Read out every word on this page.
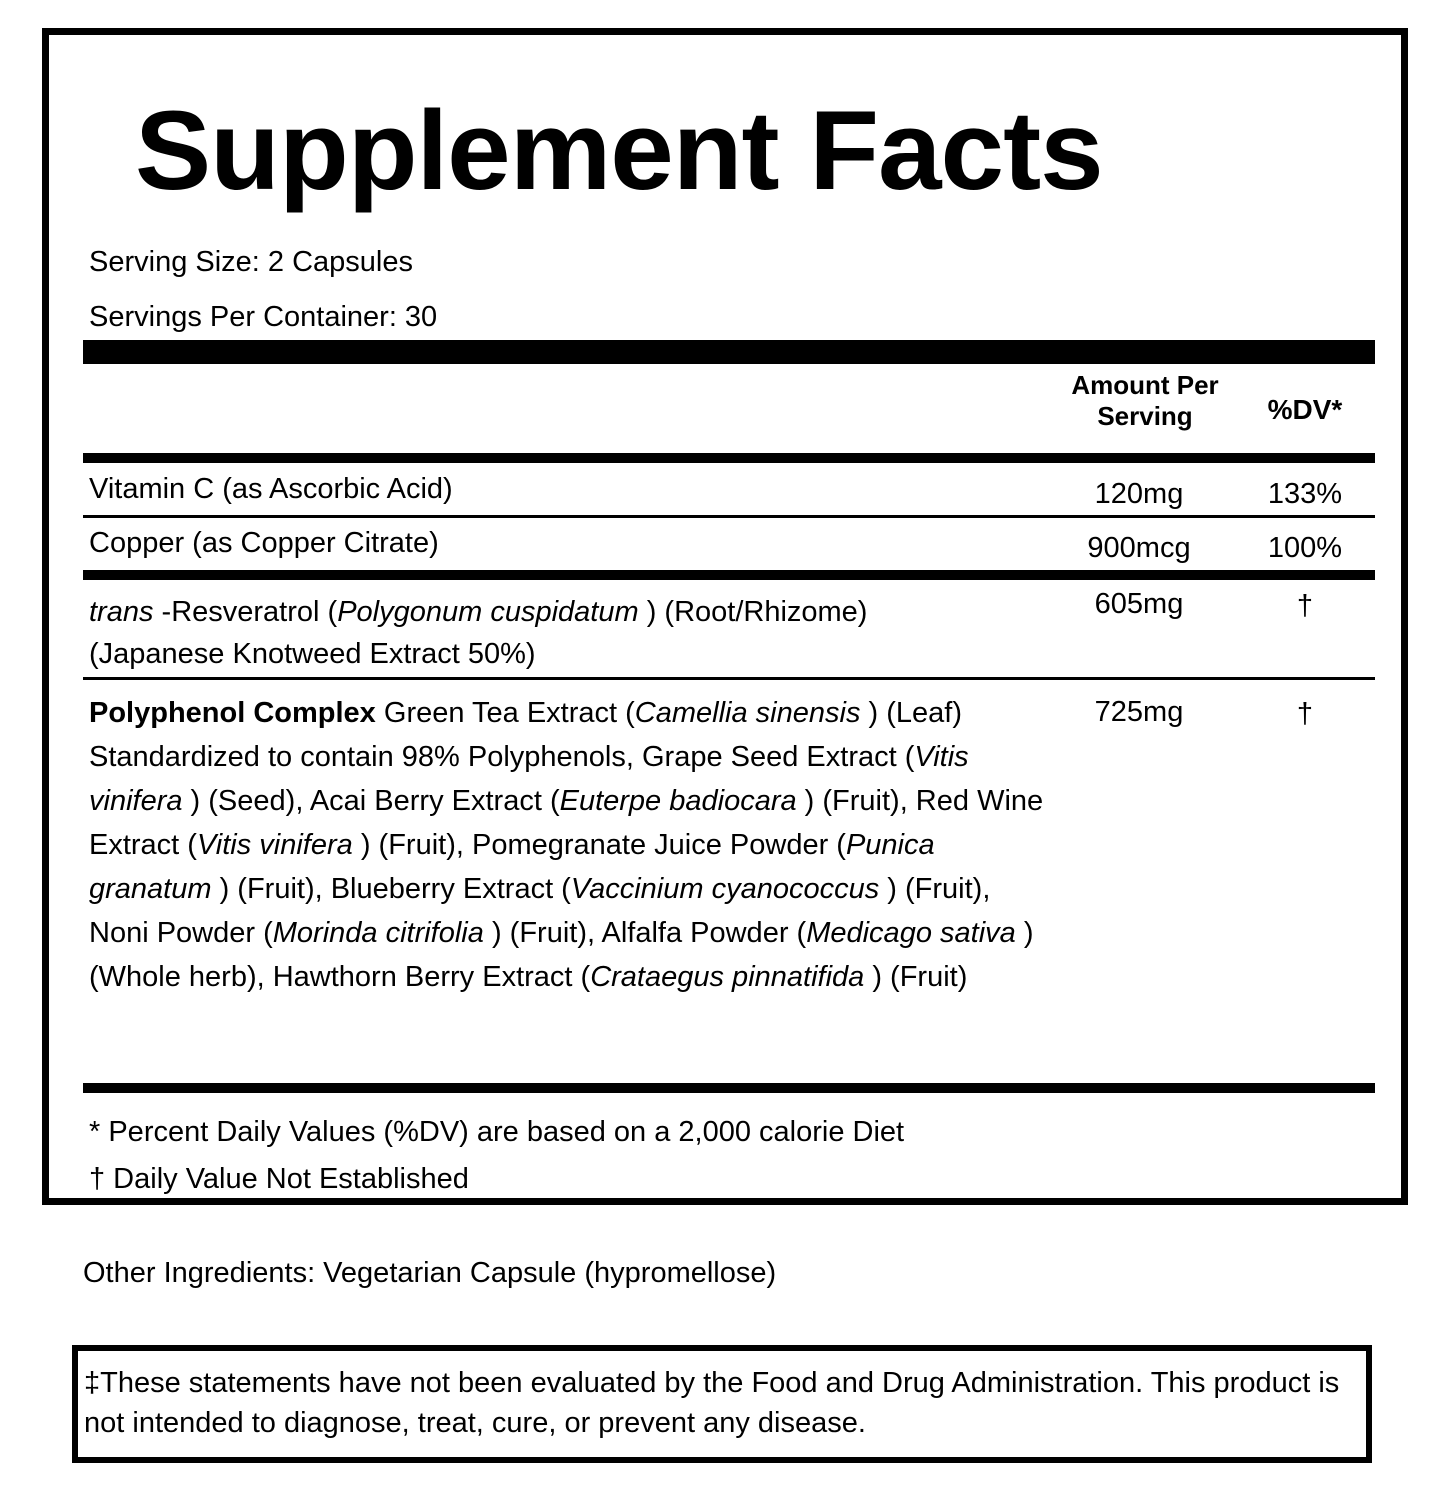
Supplement Facts
Serving Size: 2 Capsules
Servings Per Container: 30
Amount Per
Serving	%DV*
Vitamin C (as Ascorbic Acid)	120mg	133%
Copper (as Copper Citrate)	900mcg	100%
trans -Resveratrol (Polygonum cuspidatum ) (Root/Rhizome)
(Japanese Knotweed Extract 50%)
605mg	†
Polyphenol Complex Green Tea Extract (Camellia sinensis ) (Leaf) Standardized to contain 98% Polyphenols, Grape Seed Extract (Vitis vinifera ) (Seed), Acai Berry Extract (Euterpe badiocara ) (Fruit), Red Wine Extract (Vitis vinifera ) (Fruit), Pomegranate Juice Powder (Punica granatum ) (Fruit), Blueberry Extract (Vaccinium cyanococcus ) (Fruit), Noni Powder (Morinda citrifolia ) (Fruit), Alfalfa Powder (Medicago sativa ) (Whole herb), Hawthorn Berry Extract (Crataegus pinnatifida ) (Fruit)
725mg	†
* Percent Daily Values (%DV) are based on a 2,000 calorie Diet
† Daily Value Not Established
Other Ingredients: Vegetarian Capsule (hypromellose)
‡These statements have not been evaluated by the Food and Drug Administration. This product is not intended to diagnose, treat, cure, or prevent any disease.
